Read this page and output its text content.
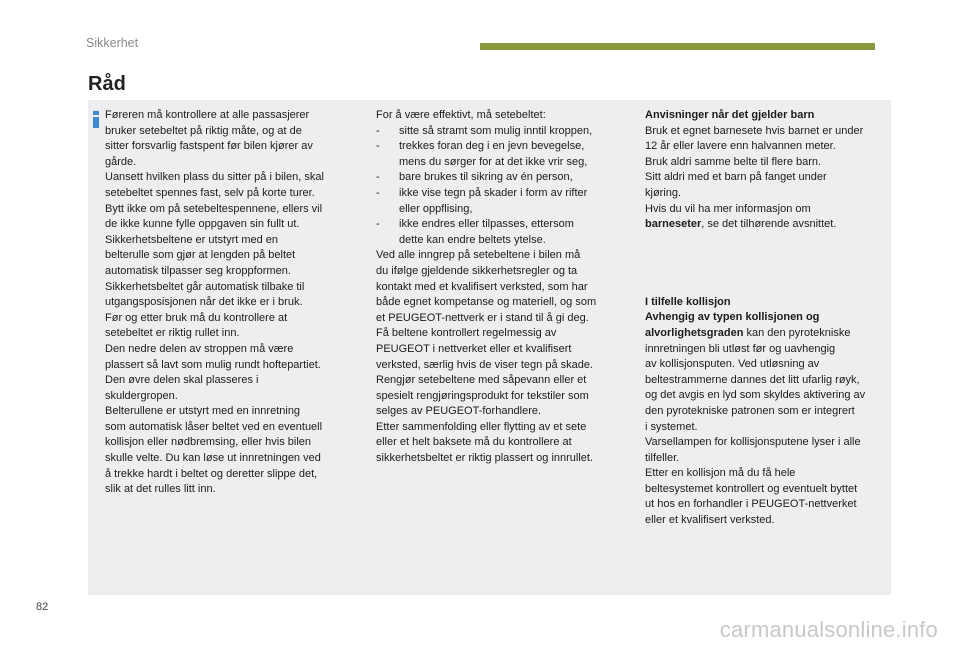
Sikkerhet
Råd

Føreren må kontrollere at alle passasjerer

bruker setebeltet på riktig måte, og at de

sitter forsvarlig fastspent før bilen kjører av

gårde.

Uansett hvilken plass du sitter på i bilen, skal

setebeltet spennes fast, selv på korte turer.

Bytt ikke om på setebeltespennene, ellers vil

de ikke kunne fylle oppgaven sin fullt ut.

Sikkerhetsbeltene er utstyrt med en

belterulle som gjør at lengden på beltet

automatisk tilpasser seg kroppformen.

Sikkerhetsbeltet går automatisk tilbake til

utgangsposisjonen når det ikke er i bruk.

Før og etter bruk må du kontrollere at

setebeltet er riktig rullet inn.

Den nedre delen av stroppen må være

plassert så lavt som mulig rundt hoftepartiet.

Den øvre delen skal plasseres i

skuldergropen.

Belterullene er utstyrt med en innretning

som automatisk låser beltet ved en eventuell

kollisjon eller nødbremsing, eller hvis bilen

skulle velte. Du kan løse ut innretningen ved

å trekke hardt i beltet og deretter slippe det,

slik at det rulles litt inn.

For å være effektivt, må setebeltet:

- sitte så stramt som mulig inntil kroppen,

- trekkes foran deg i en jevn bevegelse,

mens du sørger for at det ikke vrir seg,

- bare brukes til sikring av én person,

- ikke vise tegn på skader i form av rifter

eller oppflising,

- ikke endres eller tilpasses, ettersom

dette kan endre beltets ytelse.

Ved alle inngrep på setebeltene i bilen må

du ifølge gjeldende sikkerhetsregler og ta

kontakt med et kvalifisert verksted, som har

både egnet kompetanse og materiell, og som

et PEUGEOT-nettverk er i stand til å gi deg.

Få beltene kontrollert regelmessig av

PEUGEOT i nettverket eller et kvalifisert

verksted, særlig hvis de viser tegn på skade.

Rengjør setebeltene med såpevann eller et

spesielt rengjøringsprodukt for tekstiler som

selges av PEUGEOT-forhandlere.

Etter sammenfolding eller flytting av et sete

eller et helt baksete må du kontrollere at

sikkerhetsbeltet er riktig plassert og innrullet.

Anvisninger når det gjelder barn

Bruk et egnet barnesete hvis barnet er under

12 år eller lavere enn halvannen meter.

Bruk aldri samme belte til flere barn.

Sitt aldri med et barn på fanget under

kjøring.

Hvis du vil ha mer informasjon om

barneseter, se det tilhørende avsnittet.

I tilfelle kollisjon

Avhengig av typen kollisjonen og

alvorlighetsgraden kan den pyrotekniske

innretningen bli utløst før og uavhengig

av kollisjonsputen. Ved utløsning av

beltestrammerne dannes det litt ufarlig røyk,

og det avgis en lyd som skyldes aktivering av

den pyrotekniske patronen som er integrert

i systemet.

Varsellampen for kollisjonsputene lyser i alle

tilfeller.

Etter en kollisjon må du få hele

beltesystemet kontrollert og eventuelt byttet

ut hos en forhandler i PEUGEOT-nettverket

eller et kvalifisert verksted.

82
carmanualsonline.info
